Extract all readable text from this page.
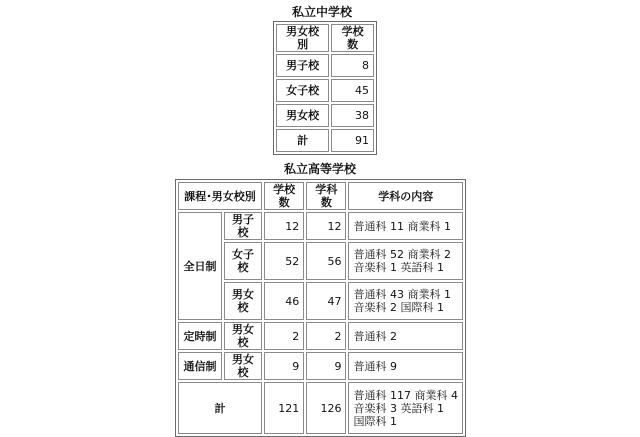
私立中学校
男女校別	学校数
男子校	8
女子校	45
男女校	38
計	91
私立高等学校
課程･男女校別		学校数	学科数	学科の内容
全日制	男子校	12	12	普通科 11 商業科 1
	女子校	52	56	普通科 52 商業科 2
音楽科 1 英語科 1
	男女校	46	47	普通科 43 商業科 1
音楽科 2 国際科 1
定時制	男女校	2	2	普通科 2
通信制	男女校	9	9	普通科 9
計		121	126	普通科 117 商業科 4
音楽科 3 英語科 1
国際科 1
